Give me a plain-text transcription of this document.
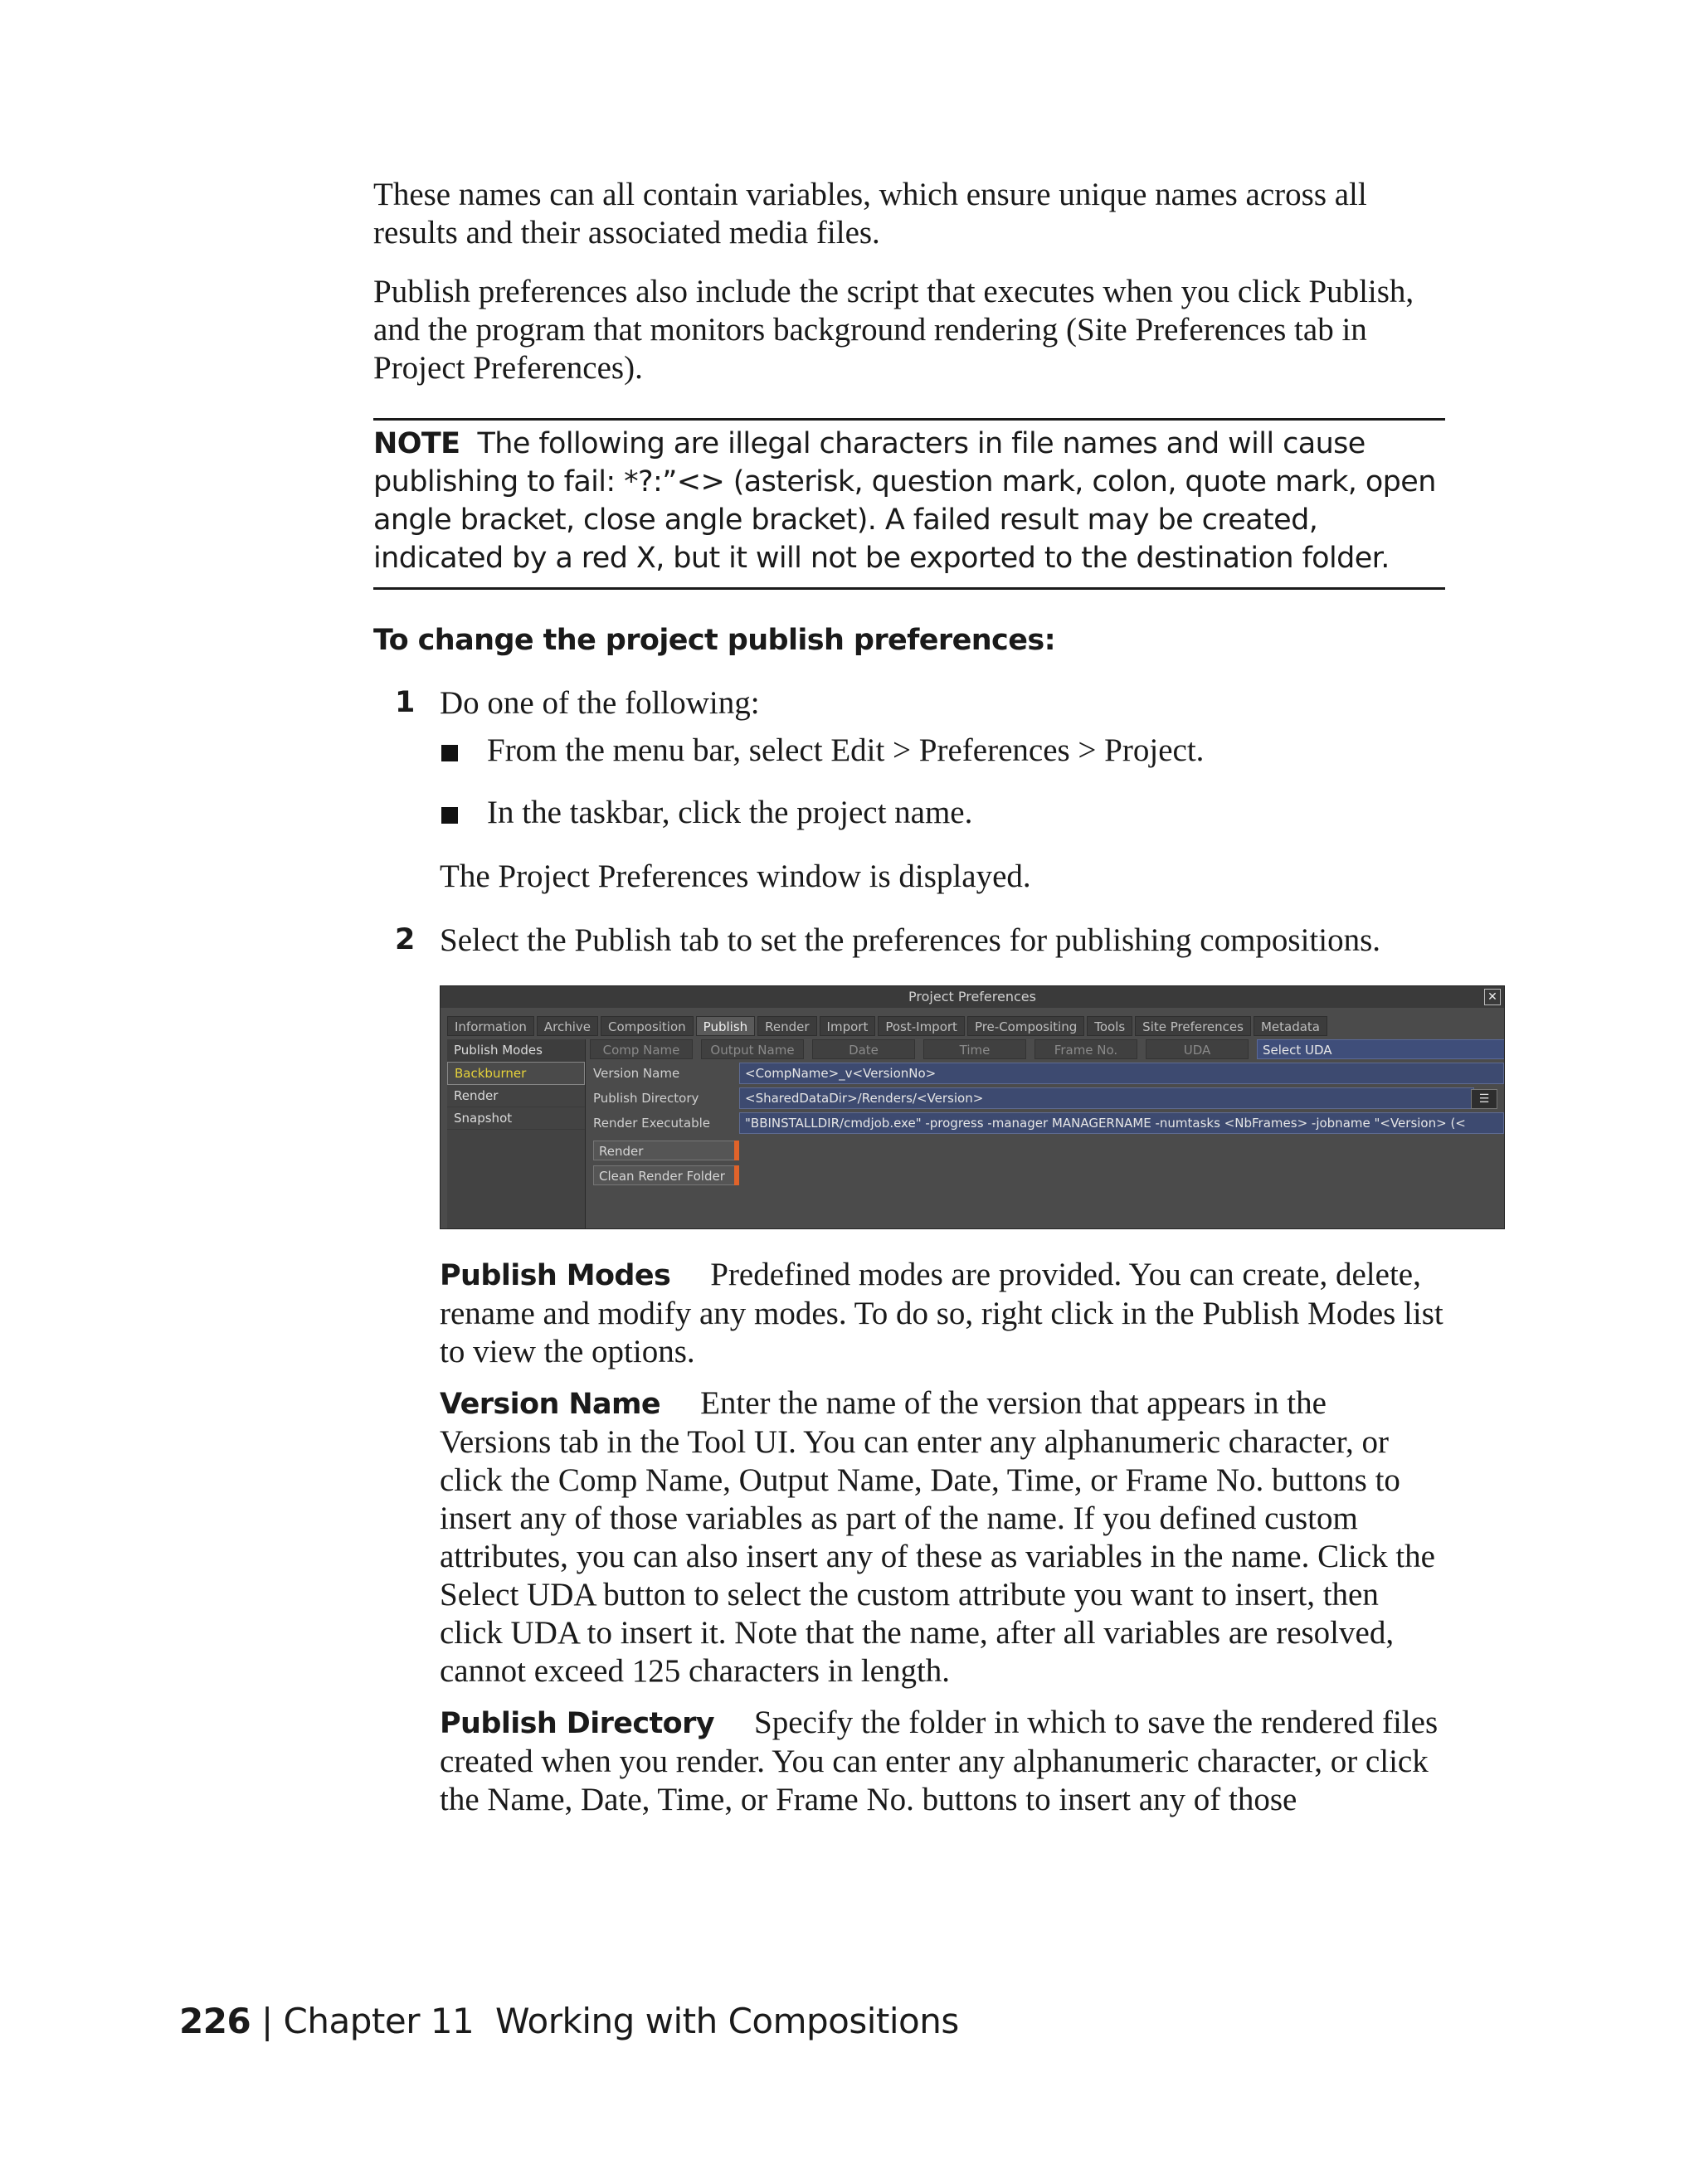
These names can all contain variables, which ensure unique names across all results and their associated media files.

Publish preferences also include the script that executes when you click Publish, and the program that monitors background rendering (Site Preferences tab in Project Preferences).

NOTE The following are illegal characters in file names and will cause publishing to fail: *?:”<> (asterisk, question mark, colon, quote mark, open angle bracket, close angle bracket). A failed result may be created, indicated by a red X, but it will not be exported to the destination folder.
To change the project publish preferences:
1 Do one of the following:
From the menu bar, select Edit > Preferences > Project.
In the taskbar, click the project name.
The Project Preferences window is displayed.
2 Select the Publish tab to set the preferences for publishing compositions.
Project Preferences	✕
Information	Archive	Composition	Publish	Render	Import	Post-Import	Pre-Compositing	Tools	Site Preferences	Metadata
Publish Modes
Backburner
Render
Snapshot
Comp Name	Output Name	Date	Time	Frame No.	UDA	Select UDA
Version Name	<CompName>_v<VersionNo>
Publish Directory	<SharedDataDir>/Renders/<Version>	☰
Render Executable	"BBINSTALLDIR/cmdjob.exe" -progress -manager MANAGERNAME -numtasks <NbFrames> -jobname "<Version> (<
Render
Clean Render Folder

Publish Modes Predefined modes are provided. You can create, delete, rename and modify any modes. To do so, right click in the Publish Modes list to view the options.

Version Name Enter the name of the version that appears in the Versions tab in the Tool UI. You can enter any alphanumeric character, or click the Comp Name, Output Name, Date, Time, or Frame No. buttons to insert any of those variables as part of the name. If you defined custom attributes, you can also insert any of these as variables in the name. Click the Select UDA button to select the custom attribute you want to insert, then click UDA to insert it. Note that the name, after all variables are resolved, cannot exceed 125 characters in length.

Publish Directory Specify the folder in which to save the rendered files created when you render. You can enter any alphanumeric character, or click the Name, Date, Time, or Frame No. buttons to insert any of those

226 | Chapter 11 Working with Compositions
